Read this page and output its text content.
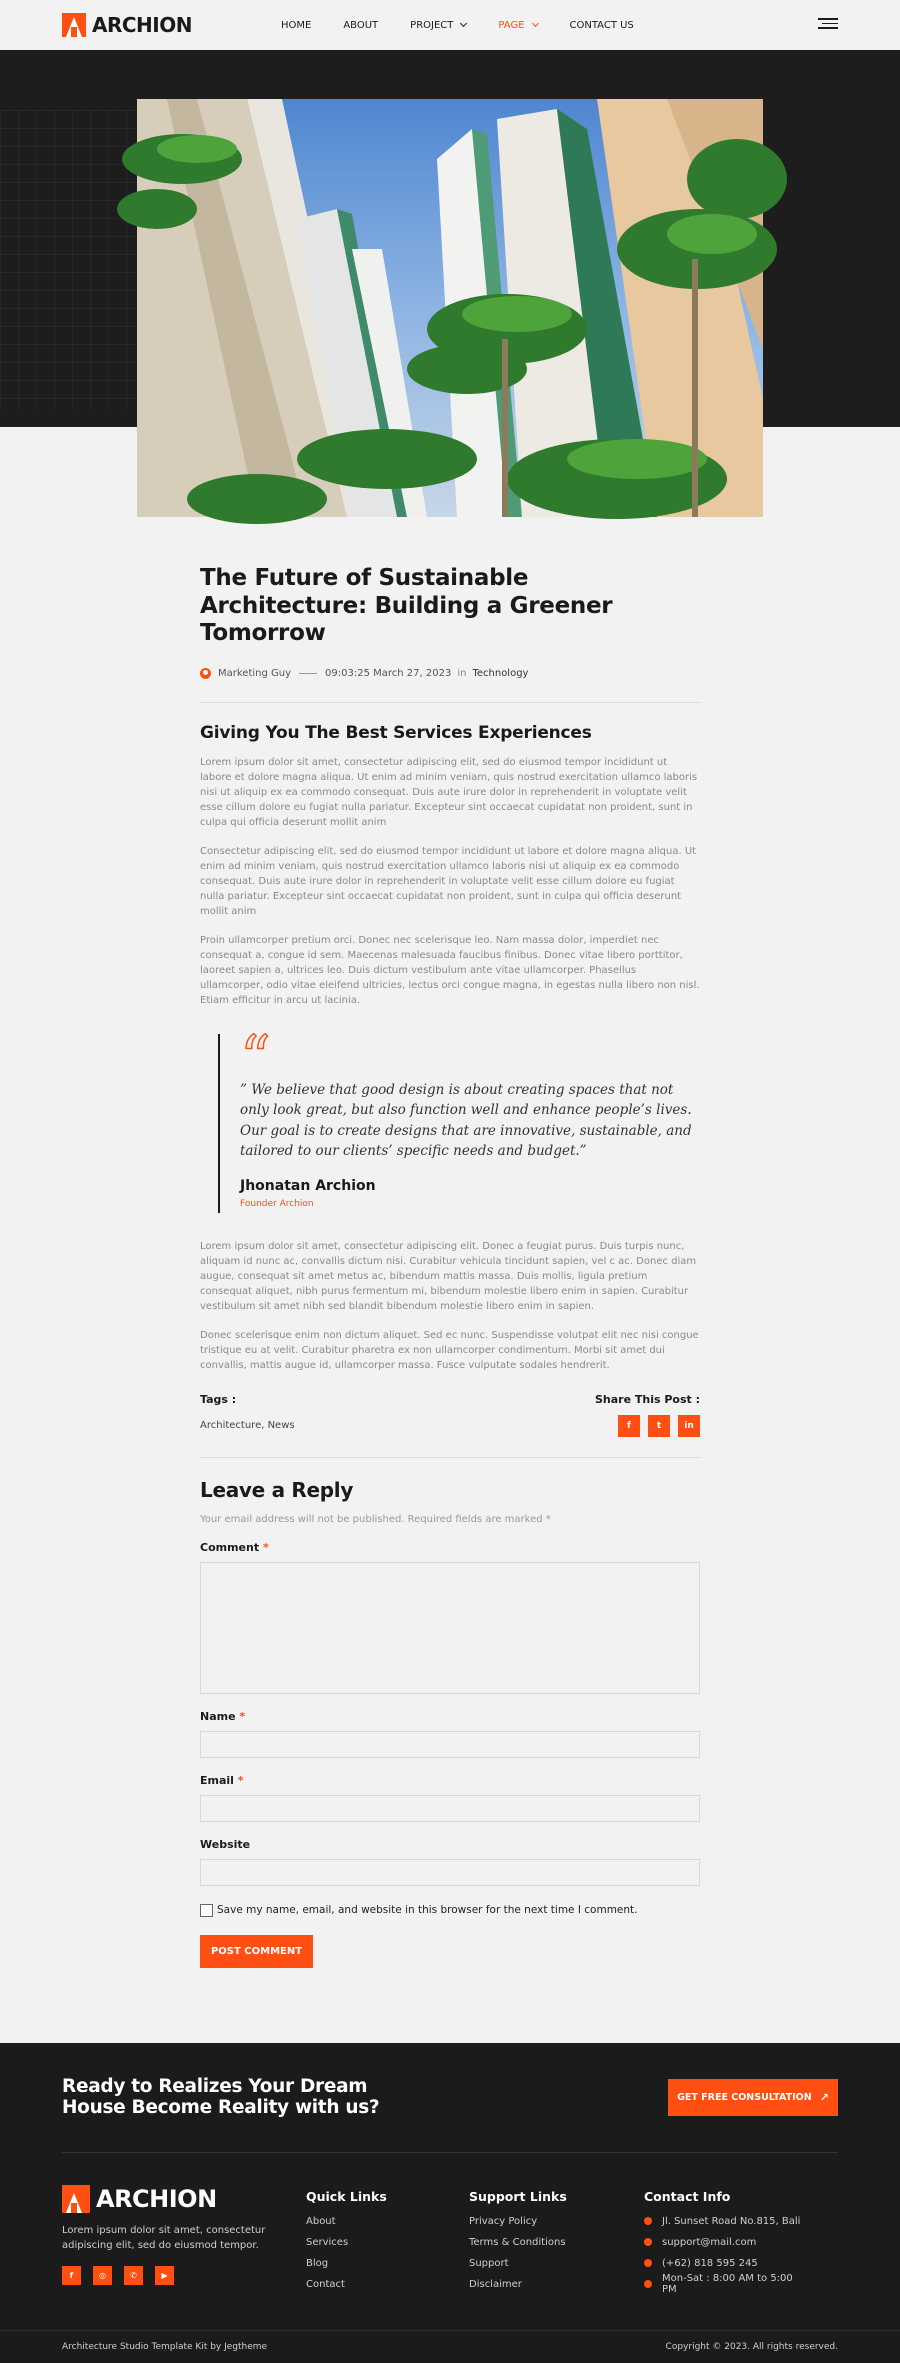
ARCHION	HOME	ABOUT	PROJECT	PAGE	CONTACT US
The Future of Sustainable Architecture: Building a Greener Tomorrow
Marketing Guy	09:03:25 March 27, 2023 in Technology
Giving You The Best Services Experiences

Lorem ipsum dolor sit amet, consectetur adipiscing elit, sed do eiusmod tempor incididunt ut labore et dolore magna aliqua. Ut enim ad minim veniam, quis nostrud exercitation ullamco laboris nisi ut aliquip ex ea commodo consequat. Duis aute irure dolor in reprehenderit in voluptate velit esse cillum dolore eu fugiat nulla pariatur. Excepteur sint occaecat cupidatat non proident, sunt in culpa qui officia deserunt mollit anim

Consectetur adipiscing elit, sed do eiusmod tempor incididunt ut labore et dolore magna aliqua. Ut enim ad minim veniam, quis nostrud exercitation ullamco laboris nisi ut aliquip ex ea commodo consequat. Duis aute irure dolor in reprehenderit in voluptate velit esse cillum dolore eu fugiat nulla pariatur. Excepteur sint occaecat cupidatat non proident, sunt in culpa qui officia deserunt mollit anim

Proin ullamcorper pretium orci. Donec nec scelerisque leo. Nam massa dolor, imperdiet nec consequat a, congue id sem. Maecenas malesuada faucibus finibus. Donec vitae libero porttitor, laoreet sapien a, ultrices leo. Duis dictum vestibulum ante vitae ullamcorper. Phasellus ullamcorper, odio vitae eleifend ultricies, lectus orci congue magna, in egestas nulla libero non nisl. Etiam efficitur in arcu ut lacinia.

“

” We believe that good design is about creating spaces that not only look great, but also function well and enhance people’s lives. Our goal is to create designs that are innovative, sustainable, and tailored to our clients’ specific needs and budget.”

Jhonatan Archion
Founder Archion

Lorem ipsum dolor sit amet, consectetur adipiscing elit. Donec a feugiat purus. Duis turpis nunc, aliquam id nunc ac, convallis dictum nisi. Curabitur vehicula tincidunt sapien, vel c ac. Donec diam augue, consequat sit amet metus ac, bibendum mattis massa. Duis mollis, ligula pretium consequat aliquet, nibh purus fermentum mi, bibendum molestie libero enim in sapien. Curabitur vestibulum sit amet nibh sed blandit bibendum molestie libero enim in sapien.

Donec scelerisque enim non dictum aliquet. Sed ec nunc. Suspendisse volutpat elit nec nisi congue tristique eu at velit. Curabitur pharetra ex non ullamcorper condimentum. Morbi sit amet dui convallis, mattis augue id, ullamcorper massa. Fusce vulputate sodales hendrerit.

Tags :
Architecture, News
Share This Post :
f	t	in
Leave a Reply

Your email address will not be published. Required fields are marked *

Comment *
Name *
Email *
Website
Save my name, email, and website in this browser for the next time I comment.
POST COMMENT
Ready to Realizes Your Dream House Become Reality with us?	GET FREE CONSULTATION ↗
ARCHION

Lorem ipsum dolor sit amet, consectetur adipiscing elit, sed do eiusmod tempor.

f	◎	✆	▶
Quick Links
About
Services
Blog
Contact
Support Links
Privacy Policy
Terms & Conditions
Support
Disclaimer
Contact Info
Jl. Sunset Road No.815, Bali
support@mail.com
(+62) 818 595 245
Mon-Sat : 8:00 AM to 5:00 PM
Architecture Studio Template Kit by Jegtheme	Copyright © 2023. All rights reserved.
